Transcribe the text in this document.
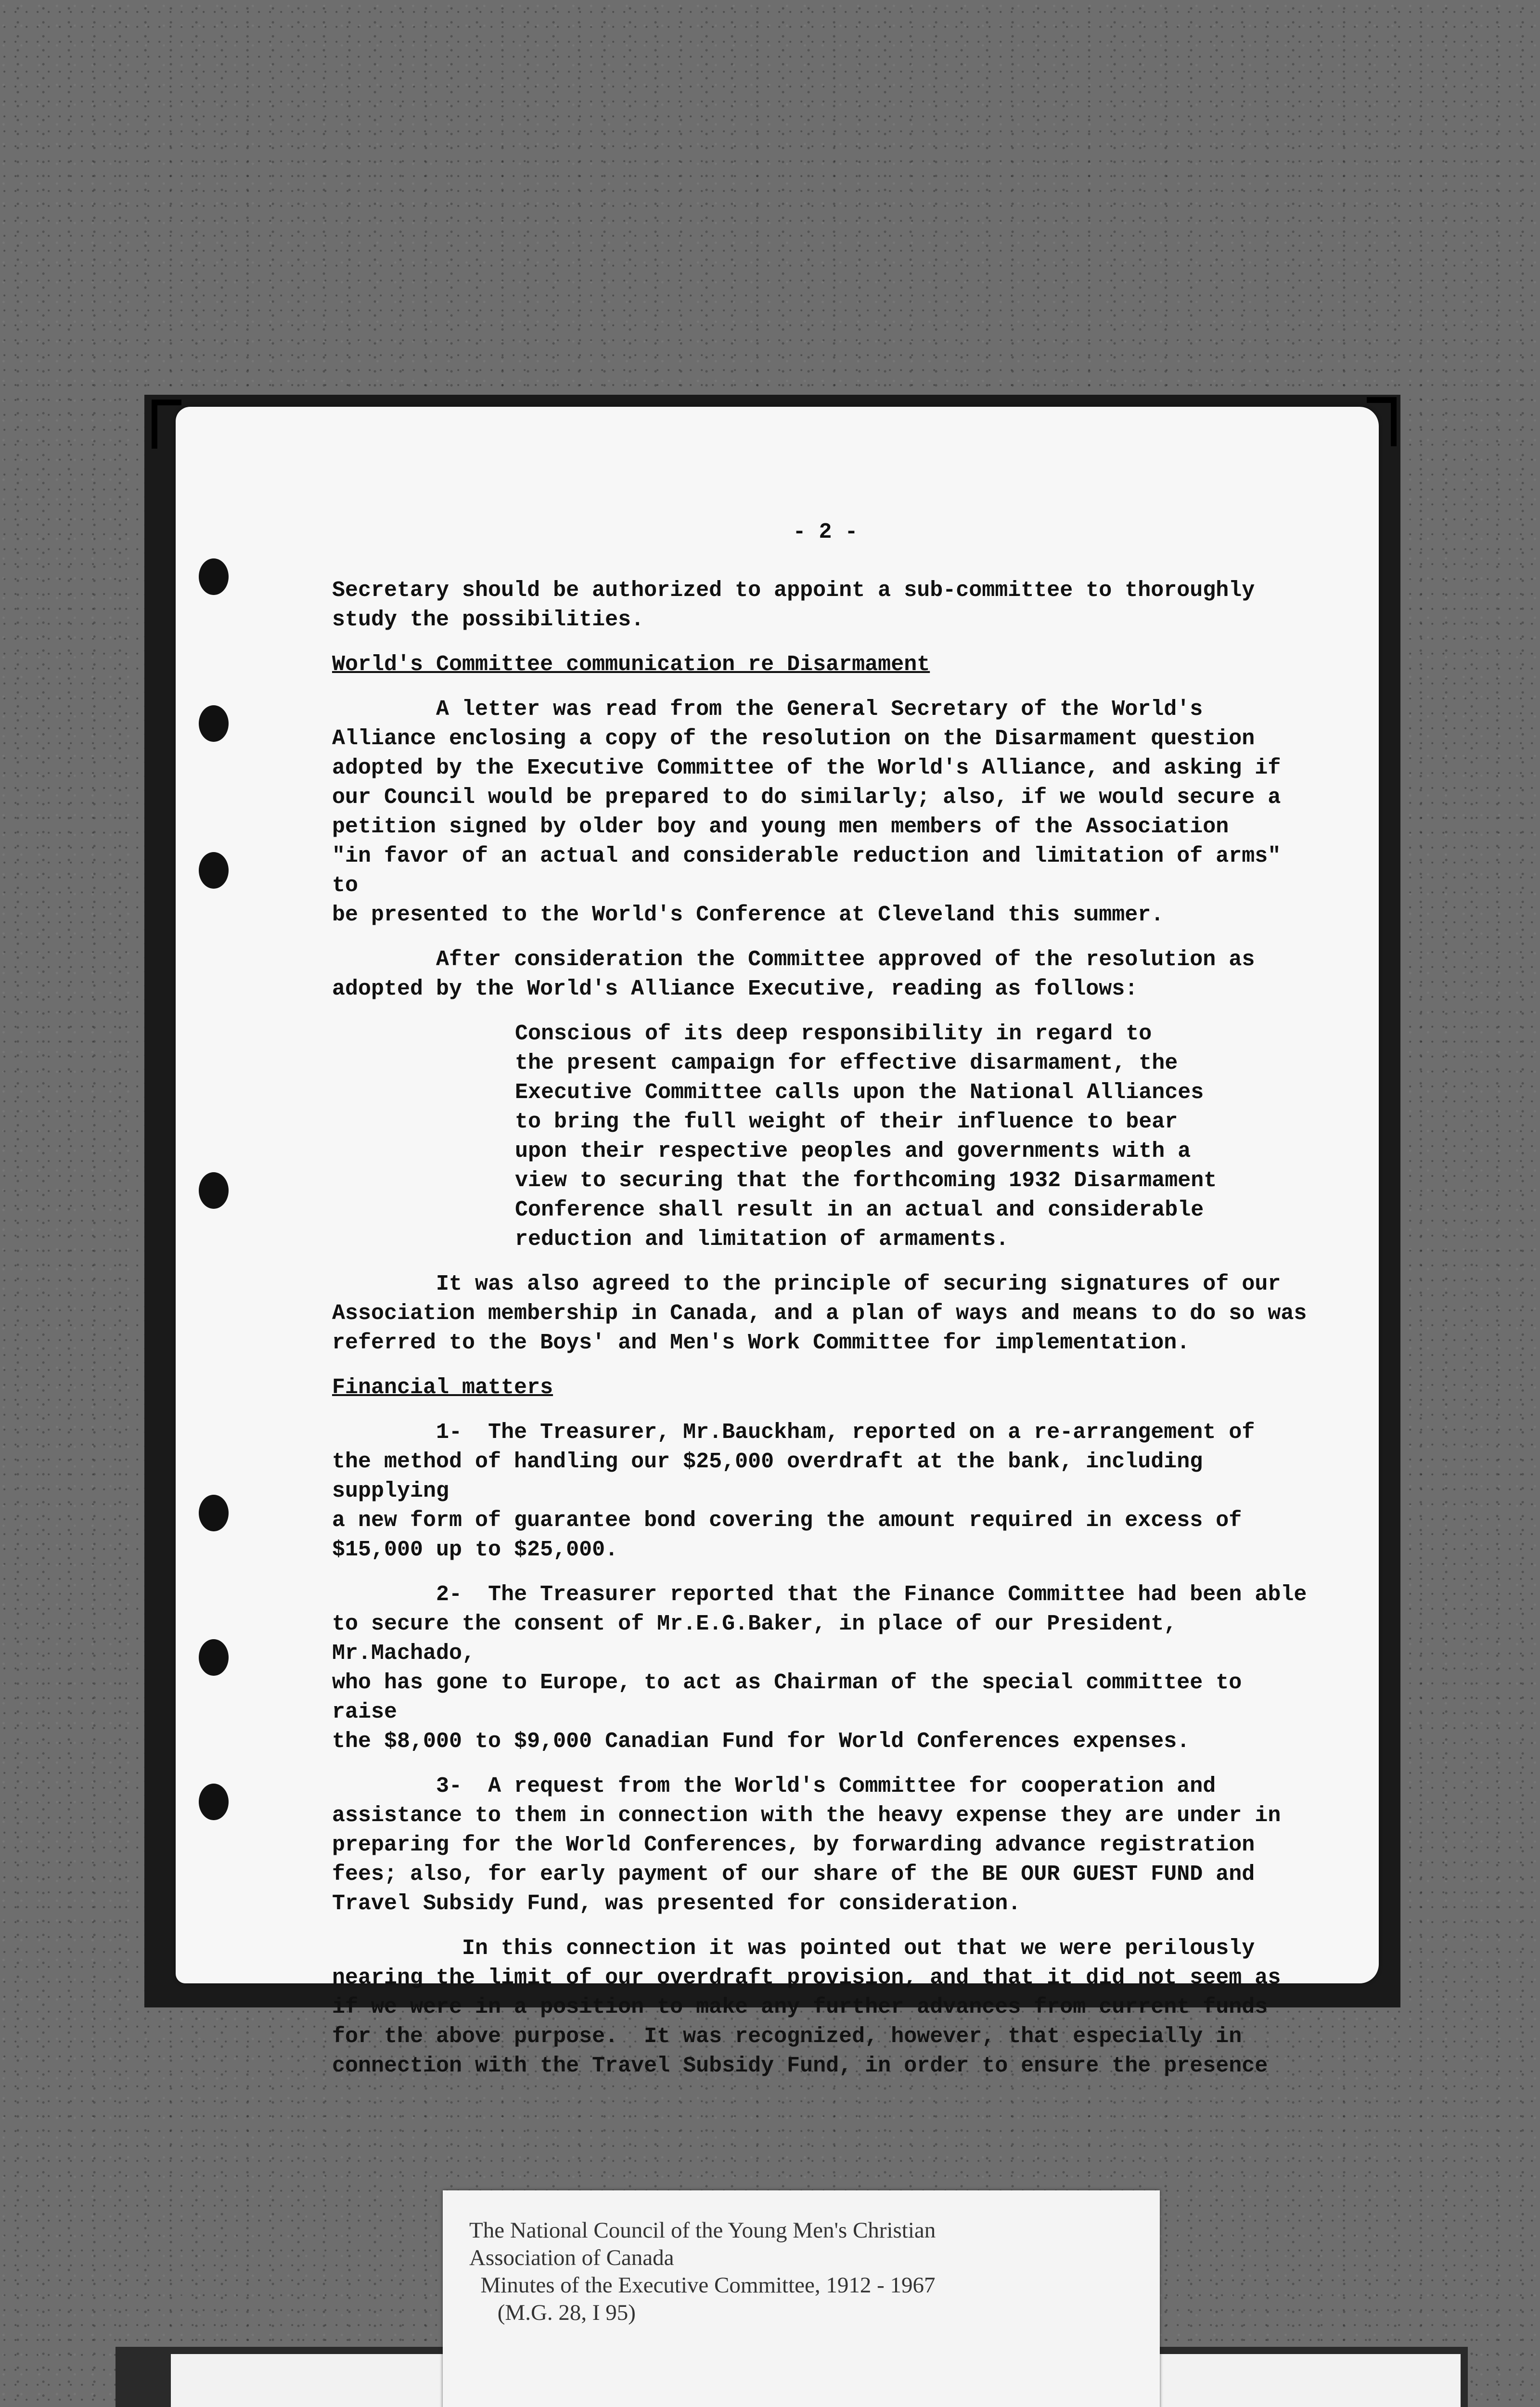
- 2 -

Secretary should be authorized to appoint a sub-committee to thoroughly
study the possibilities.

World's Committee communication re Disarmament

A letter was read from the General Secretary of the World's
Alliance enclosing a copy of the resolution on the Disarmament question
adopted by the Executive Committee of the World's Alliance, and asking if
our Council would be prepared to do similarly; also, if we would secure a
petition signed by older boy and young men members of the Association
"in favor of an actual and considerable reduction and limitation of arms" to
be presented to the World's Conference at Cleveland this summer.

After consideration the Committee approved of the resolution as
adopted by the World's Alliance Executive, reading as follows:

Conscious of its deep responsibility in regard to
the present campaign for effective disarmament, the
Executive Committee calls upon the National Alliances
to bring the full weight of their influence to bear
upon their respective peoples and governments with a
view to securing that the forthcoming 1932 Disarmament
Conference shall result in an actual and considerable
reduction and limitation of armaments.

It was also agreed to the principle of securing signatures of our
Association membership in Canada, and a plan of ways and means to do so was
referred to the Boys' and Men's Work Committee for implementation.

Financial matters

1-  The Treasurer, Mr.Bauckham, reported on a re-arrangement of
the method of handling our $25,000 overdraft at the bank, including supplying
a new form of guarantee bond covering the amount required in excess of
$15,000 up to $25,000.

2-  The Treasurer reported that the Finance Committee had been able
to secure the consent of Mr.E.G.Baker, in place of our President, Mr.Machado,
who has gone to Europe, to act as Chairman of the special committee to raise
the $8,000 to $9,000 Canadian Fund for World Conferences expenses.

3-  A request from the World's Committee for cooperation and
assistance to them in connection with the heavy expense they are under in
preparing for the World Conferences, by forwarding advance registration
fees; also, for early payment of our share of the BE OUR GUEST FUND and
Travel Subsidy Fund, was presented for consideration.

In this connection it was pointed out that we were perilously
nearing the limit of our overdraft provision, and that it did not seem as
if we were in a position to make any further advances from current funds
for the above purpose.  It was recognized, however, that especially in
connection with the Travel Subsidy Fund, in order to ensure the presence

The National Council of the Young Men's Christian
Association of Canada
Minutes of the Executive Committee, 1912 - 1967
(M.G. 28, I 95)
